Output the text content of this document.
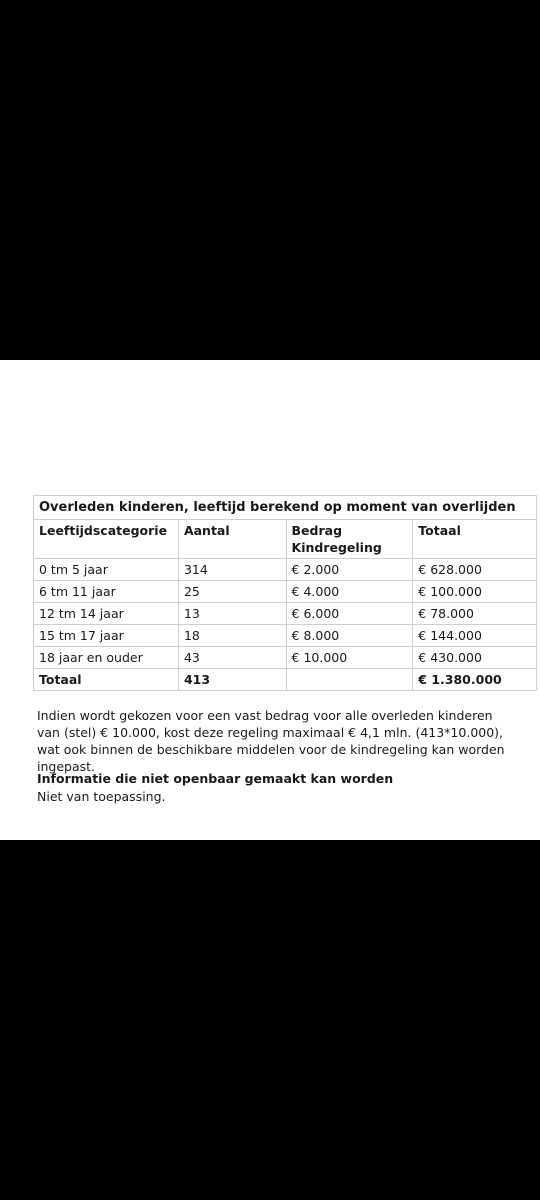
Overleden kinderen, leeftijd berekend op moment van overlijden			
Leeftijdscategorie	Aantal	Bedrag Kindregeling	Totaal
0 tm 5 jaar	314	€ 2.000	€ 628.000
6 tm 11 jaar	25	€ 4.000	€ 100.000
12 tm 14 jaar	13	€ 6.000	€ 78.000
15 tm 17 jaar	18	€ 8.000	€ 144.000
18 jaar en ouder	43	€ 10.000	€ 430.000
Totaal	413		€ 1.380.000

Indien wordt gekozen voor een vast bedrag voor alle overleden kinderen van (stel) € 10.000, kost deze regeling maximaal € 4,1 mln. (413*10.000), wat ook binnen de beschikbare middelen voor de kindregeling kan worden ingepast.

Informatie die niet openbaar gemaakt kan worden

Niet van toepassing.
